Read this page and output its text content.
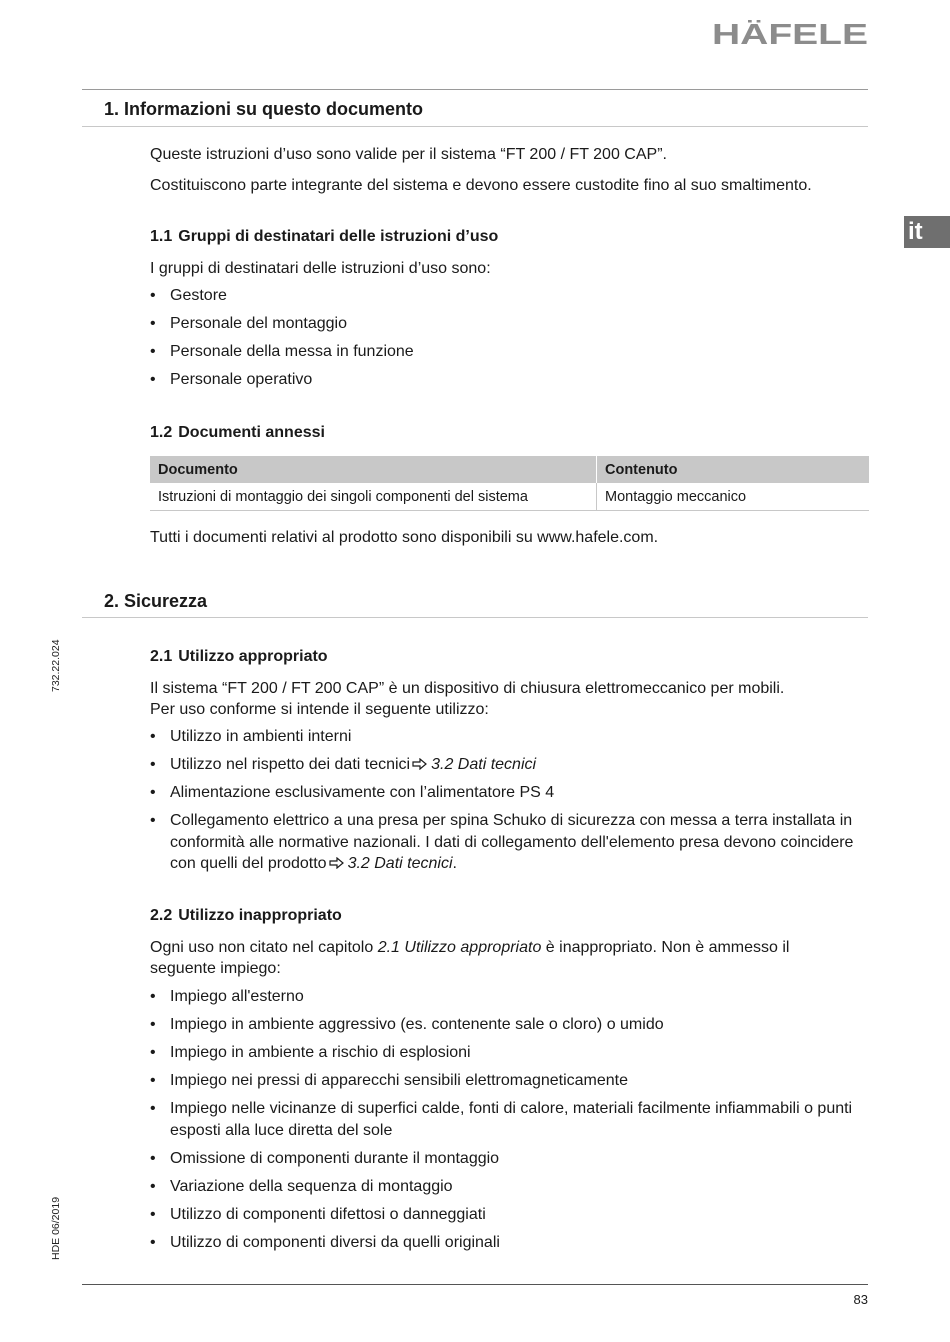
HÄFELE
it
732.22.024
HDE 06/2019
1. Informazioni su questo documento

Queste istruzioni d’uso sono valide per il sistema “FT 200 / FT 200 CAP”.

Costituiscono parte integrante del sistema e devono essere custodite fino al suo smaltimento.

1.1 Gruppi di destinatari delle istruzioni d’uso

I gruppi di destinatari delle istruzioni d’uso sono:

• Gestore
• Personale del montaggio
• Personale della messa in funzione
• Personale operativo
1.2 Documenti annessi
Documento	Contenuto
Istruzioni di montaggio dei singoli componenti del sistema	Montaggio meccanico

Tutti i documenti relativi al prodotto sono disponibili su www.hafele.com.

2. Sicurezza
2.1 Utilizzo appropriato

Il sistema “FT 200 / FT 200 CAP” è un dispositivo di chiusura elettromeccanico per mobili.
Per uso conforme si intende il seguente utilizzo:

• Utilizzo in ambienti interni
• Utilizzo nel rispetto dei dati tecnici 3.2 Dati tecnici
• Alimentazione esclusivamente con l’alimentatore PS 4
• Collegamento elettrico a una presa per spina Schuko di sicurezza con messa a terra installata in conformità alle normative nazionali. I dati di collegamento dell'elemento presa devono coincidere con quelli del prodotto 3.2 Dati tecnici.
2.2 Utilizzo inappropriato

Ogni uso non citato nel capitolo 2.1 Utilizzo appropriato è inappropriato. Non è ammesso il seguente impiego:

• Impiego all'esterno
• Impiego in ambiente aggressivo (es. contenente sale o cloro) o umido
• Impiego in ambiente a rischio di esplosioni
• Impiego nei pressi di apparecchi sensibili elettromagneticamente
• Impiego nelle vicinanze di superfici calde, fonti di calore, materiali facilmente infiammabili o punti esposti alla luce diretta del sole
• Omissione di componenti durante il montaggio
• Variazione della sequenza di montaggio
• Utilizzo di componenti difettosi o danneggiati
• Utilizzo di componenti diversi da quelli originali
83
